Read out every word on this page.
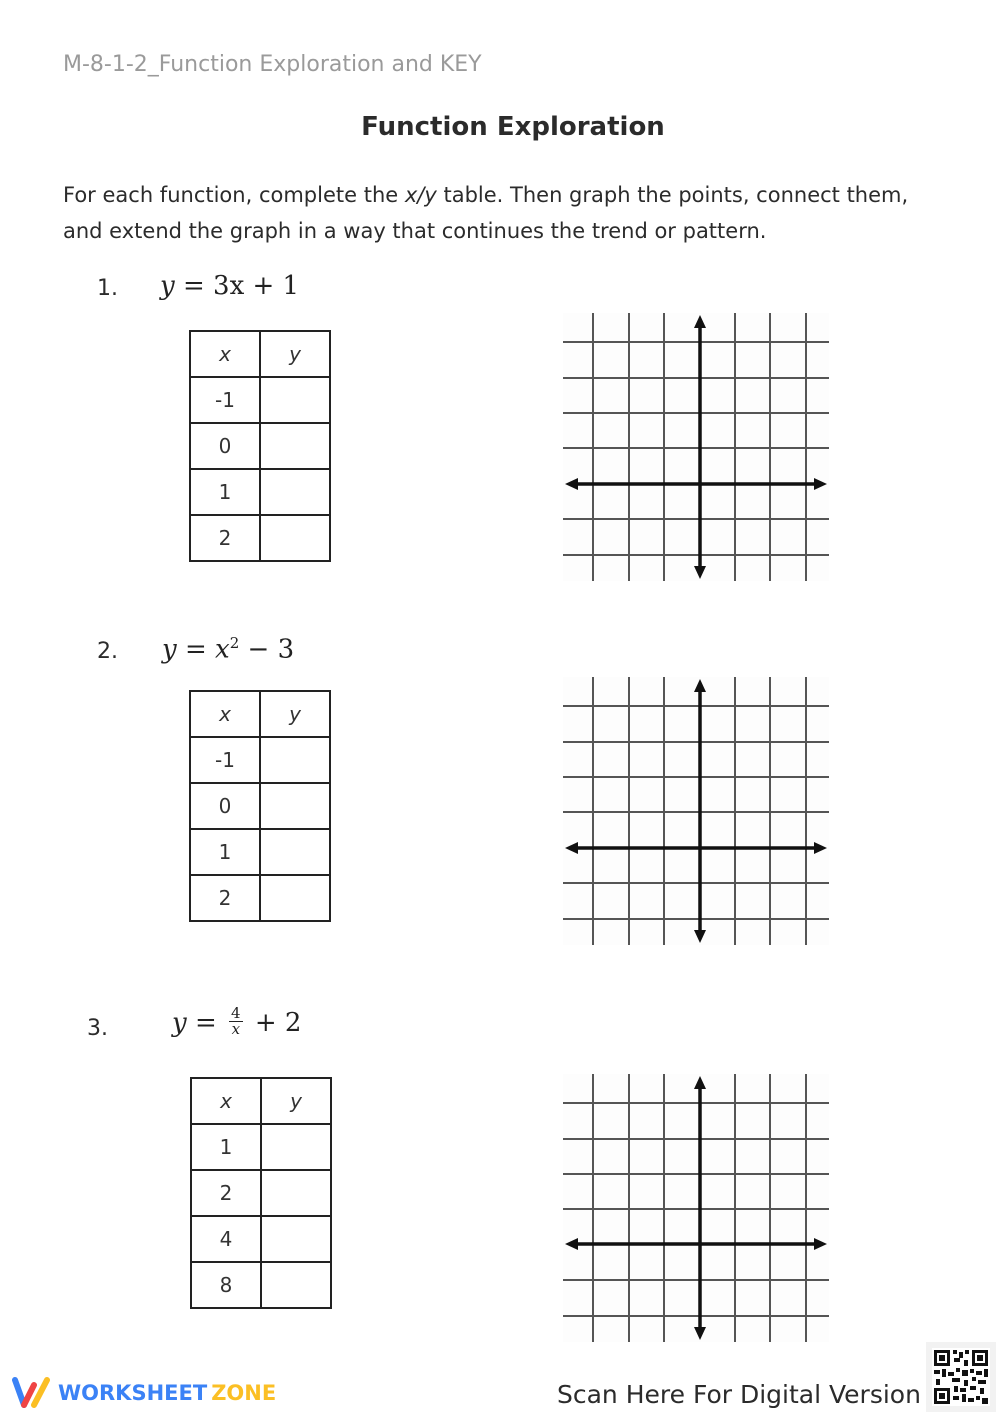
M-8-1-2_Function Exploration and KEY
Function Exploration
For each function, complete the x/y table. Then graph the points, connect them,
and extend the graph in a way that continues the trend or pattern.
1. y = 3x + 1
x	y
-1	
0	
1	
2	
2. $y = x^2 - 3$
x	y
-1	
0	
1	
2	
3. $y = \frac{4}{x} + 2$
x	y
1	
2	
4	
8	
WORKSHEET ZONE	Scan Here For Digital Version
